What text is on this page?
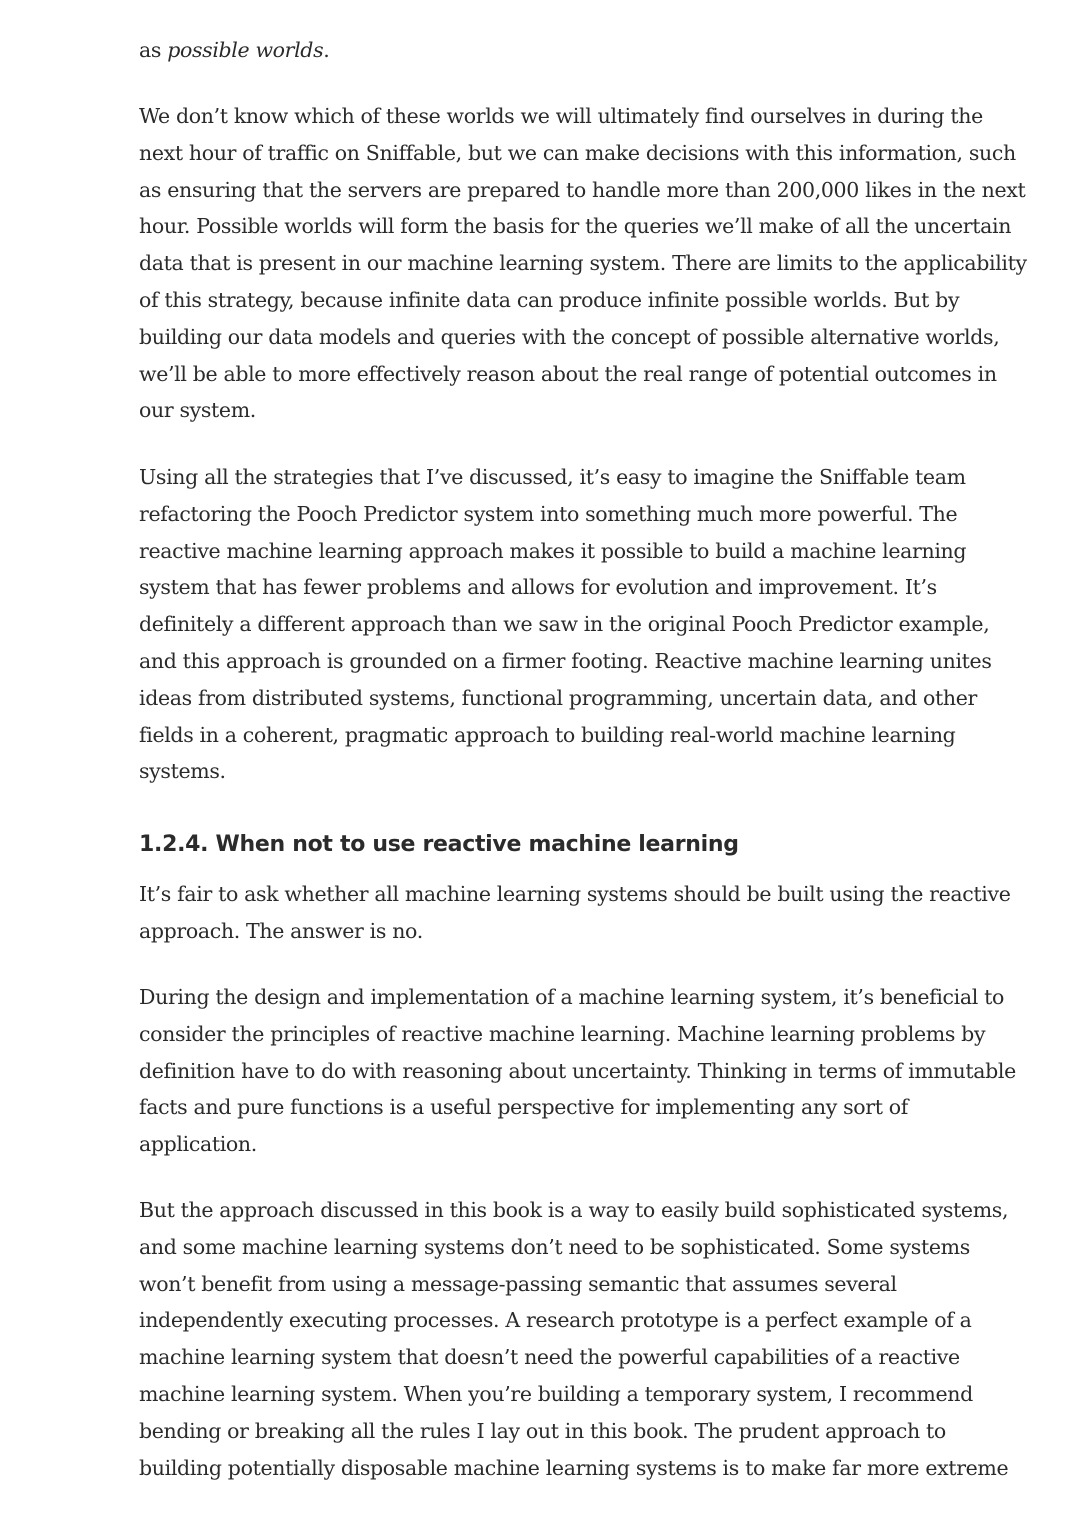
as possible worlds.

We don’t know which of these worlds we will ultimately find ourselves in during the
next hour of traffic on Sniffable, but we can make decisions with this information, such
as ensuring that the servers are prepared to handle more than 200,000 likes in the next
hour. Possible worlds will form the basis for the queries we’ll make of all the uncertain
data that is present in our machine learning system. There are limits to the applicability
of this strategy, because infinite data can produce infinite possible worlds. But by
building our data models and queries with the concept of possible alternative worlds,
we’ll be able to more effectively reason about the real range of potential outcomes in
our system.

Using all the strategies that I’ve discussed, it’s easy to imagine the Sniffable team
refactoring the Pooch Predictor system into something much more powerful. The
reactive machine learning approach makes it possible to build a machine learning
system that has fewer problems and allows for evolution and improvement. It’s
definitely a different approach than we saw in the original Pooch Predictor example,
and this approach is grounded on a firmer footing. Reactive machine learning unites
ideas from distributed systems, functional programming, uncertain data, and other
fields in a coherent, pragmatic approach to building real-world machine learning
systems.

1.2.4. When not to use reactive machine learning

It’s fair to ask whether all machine learning systems should be built using the reactive
approach. The answer is no.

During the design and implementation of a machine learning system, it’s beneficial to
consider the principles of reactive machine learning. Machine learning problems by
definition have to do with reasoning about uncertainty. Thinking in terms of immutable
facts and pure functions is a useful perspective for implementing any sort of
application.

But the approach discussed in this book is a way to easily build sophisticated systems,
and some machine learning systems don’t need to be sophisticated. Some systems
won’t benefit from using a message-passing semantic that assumes several
independently executing processes. A research prototype is a perfect example of a
machine learning system that doesn’t need the powerful capabilities of a reactive
machine learning system. When you’re building a temporary system, I recommend
bending or breaking all the rules I lay out in this book. The prudent approach to
building potentially disposable machine learning systems is to make far more extreme
